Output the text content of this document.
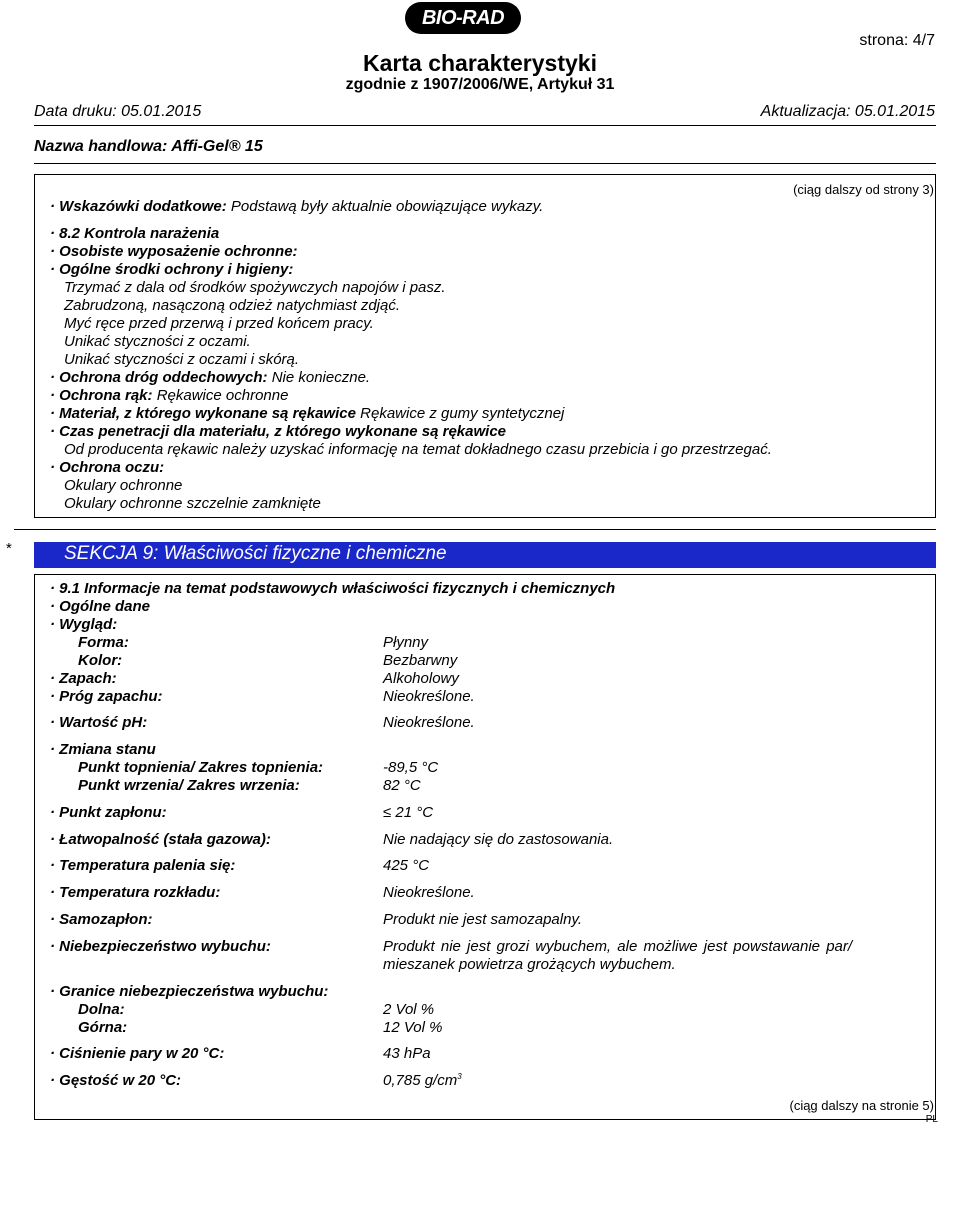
BIO-RAD
strona: 4/7
Karta charakterystyki
zgodnie z 1907/2006/WE, Artykuł 31
Data druku: 05.01.2015	Aktualizacja: 05.01.2015
Nazwa handlowa: Affi-Gel® 15
(ciąg dalszy od strony 3)
· Wskazówki dodatkowe: Podstawą były aktualnie obowiązujące wykazy.
· 8.2 Kontrola narażenia
· Osobiste wyposażenie ochronne:
· Ogólne środki ochrony i higieny:
Trzymać z dala od środków spożywczych napojów i pasz.
Zabrudzoną, nasączoną odzież natychmiast zdjąć.
Myć ręce przed przerwą i przed końcem pracy.
Unikać styczności z oczami.
Unikać styczności z oczami i skórą.
· Ochrona dróg oddechowych: Nie konieczne.
· Ochrona rąk: Rękawice ochronne
· Materiał, z którego wykonane są rękawice Rękawice z gumy syntetycznej
· Czas penetracji dla materiału, z którego wykonane są rękawice
Od producenta rękawic należy uzyskać informację na temat dokładnego czasu przebicia i go przestrzegać.
· Ochrona oczu:
Okulary ochronne
Okulary ochronne szczelnie zamknięte
*	SEKCJA 9: Właściwości fizyczne i chemiczne
· 9.1 Informacje na temat podstawowych właściwości fizycznych i chemicznych
· Ogólne dane
· Wygląd:
Forma:	Płynny
Kolor:	Bezbarwny
· Zapach:	Alkoholowy
· Próg zapachu:	Nieokreślone.
· Wartość pH:	Nieokreślone.
· Zmiana stanu
Punkt topnienia/ Zakres topnienia:	-89,5 °C
Punkt wrzenia/ Zakres wrzenia:	82 °C
· Punkt zapłonu:	≤ 21 °C
· Łatwopalność (stała gazowa):	Nie nadający się do zastosowania.
· Temperatura palenia się:	425 °C
· Temperatura rozkładu:	Nieokreślone.
· Samozapłon:	Produkt nie jest samozapalny.
· Niebezpieczeństwo wybuchu:	Produkt nie jest grozi wybuchem, ale możliwe jest powstawanie par/
mieszanek powietrza grożących wybuchem.
· Granice niebezpieczeństwa wybuchu:
Dolna:	2 Vol %
Górna:	12 Vol %
· Ciśnienie pary w 20 °C:	43 hPa
· Gęstość w 20 °C:	0,785 $g/cm^3$
(ciąg dalszy na stronie 5)
PL
